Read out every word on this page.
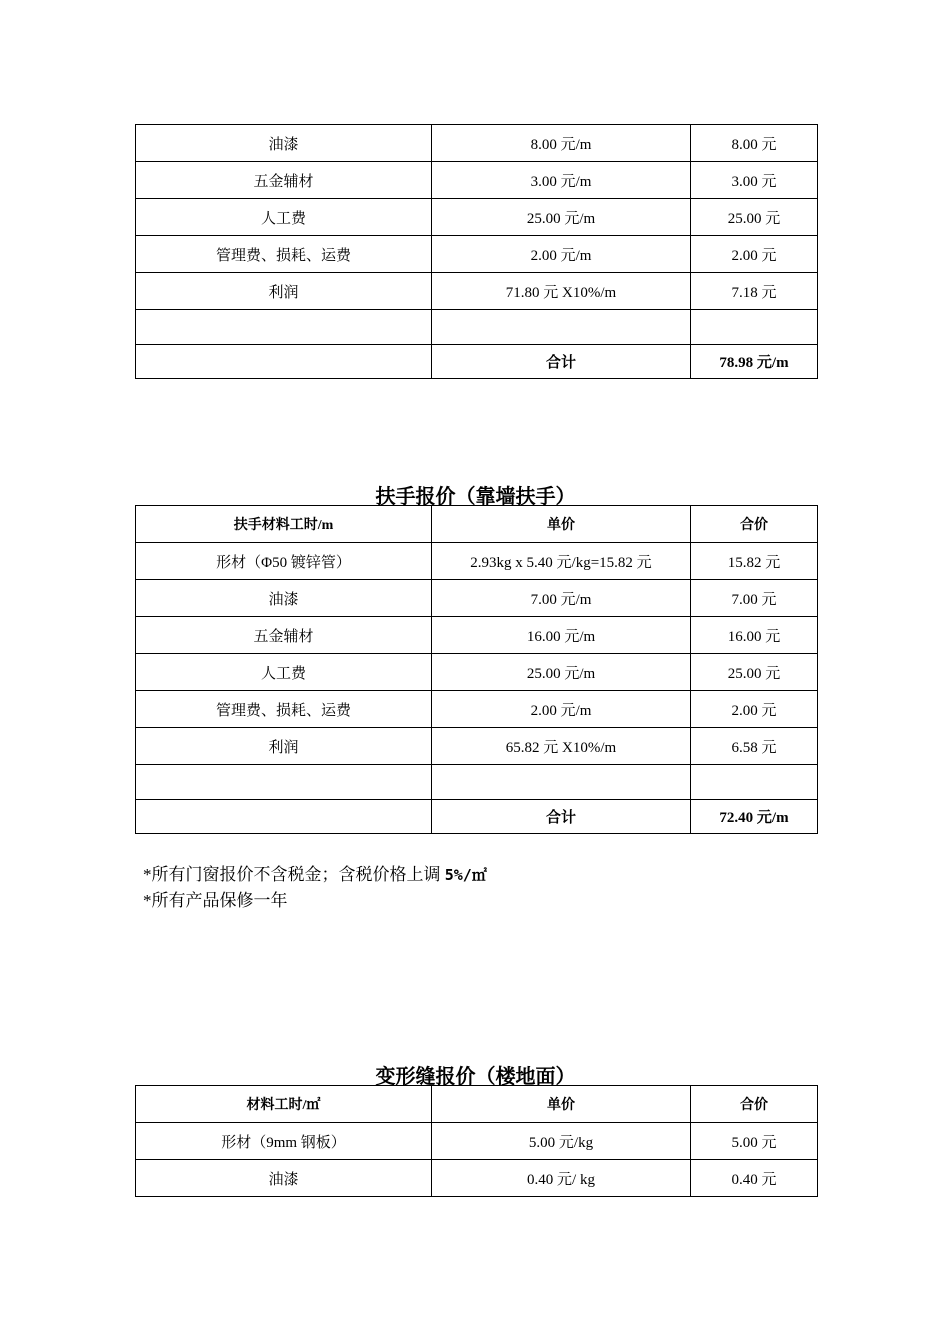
油漆	8.00 元/m	8.00 元
五金辅材	3.00 元/m	3.00 元
人工费	25.00 元/m	25.00 元
管理费、损耗、运费	2.00 元/m	2.00 元
利润	71.80 元 X10%/m	7.18 元

	合计	78.98 元/m
扶手报价（靠墙扶手）
扶手材料工时/m	单价	合价
形材（Φ50 镀锌管）	2.93kg x 5.40 元/kg=15.82 元	15.82 元
油漆	7.00 元/m	7.00 元
五金辅材	16.00 元/m	16.00 元
人工费	25.00 元/m	25.00 元
管理费、损耗、运费	2.00 元/m	2.00 元
利润	65.82 元 X10%/m	6.58 元

	合计	72.40 元/m
*所有门窗报价不含税金；含税价格上调 5%/㎡
*所有产品保修一年
变形缝报价（楼地面）
材料工时/㎡	单价	合价
形材（9mm 钢板）	5.00 元/kg	5.00 元
油漆	0.40 元/ kg	0.40 元
